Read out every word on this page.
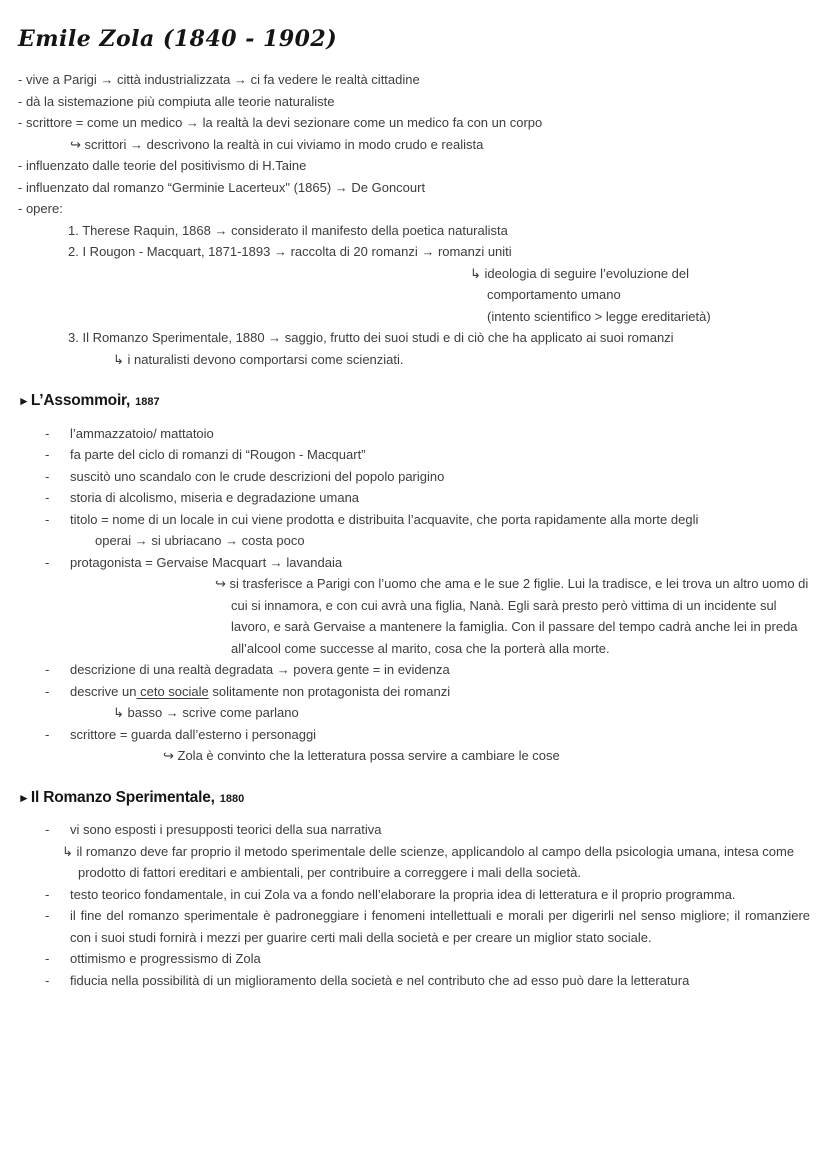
Emile Zola (1840 - 1902)
- vive a Parigi → città industrializzata → ci fa vedere le realtà cittadine
- dà la sistemazione più compiuta alle teorie naturaliste
- scrittore = come un medico → la realtà la devi sezionare come un medico fa con un corpo
↪ scrittori → descrivono la realtà in cui viviamo in modo crudo e realista
- influenzato dalle teorie del positivismo di H.Taine
- influenzato dal romanzo “Germinie Lacerteux" (1865) → De Goncourt
- opere:
1. Therese Raquin, 1868 → considerato il manifesto della poetica naturalista
2. I Rougon - Macquart, 1871-1893 → raccolta di 20 romanzi → romanzi uniti
↳ ideologia di seguire l’evoluzione del
comportamento umano
(intento scientifico > legge ereditarietà)
3. Il Romanzo Sperimentale, 1880 → saggio, frutto dei suoi studi e di ciò che ha applicato ai suoi romanzi
↳ i naturalisti devono comportarsi come scienziati.
►L’Assommoir, 1887
-	l’ammazzatoio/ mattatoio
-	fa parte del ciclo di romanzi di “Rougon - Macquart”
-	suscitò uno scandalo con le crude descrizioni del popolo parigino
-	storia di alcolismo, miseria e degradazione umana
-	titolo = nome di un locale in cui viene prodotta e distribuita l’acquavite, che porta rapidamente alla morte degli
operai → si ubriacano → costa poco
-	protagonista = Gervaise Macquart → lavandaia
↪ si trasferisce a Parigi con l’uomo che ama e le sue 2 figlie. Lui la tradisce, e lei trova un altro uomo di cui si innamora, e con cui avrà una figlia, Nanà. Egli sarà presto però vittima di un incidente sul lavoro, e sarà Gervaise a mantenere la famiglia. Con il passare del tempo cadrà anche lei in preda all’alcool come successe al marito, cosa che la porterà alla morte.
-	descrizione di una realtà degradata → povera gente = in evidenza
-	descrive un ceto sociale solitamente non protagonista dei romanzi
↳ basso → scrive come parlano
-	scrittore = guarda dall’esterno i personaggi
↪ Zola è convinto che la letteratura possa servire a cambiare le cose
►Il Romanzo Sperimentale, 1880
-	vi sono esposti i presupposti teorici della sua narrativa
↳ il romanzo deve far proprio il metodo sperimentale delle scienze, applicandolo al campo della psicologia umana, intesa come prodotto di fattori ereditari e ambientali, per contribuire a correggere i mali della società.
-	testo teorico fondamentale, in cui Zola va a fondo nell’elaborare la propria idea di letteratura e il proprio programma.
-	il fine del romanzo sperimentale è padroneggiare i fenomeni intellettuali e morali per digerirli nel senso migliore; il romanziere con i suoi studi fornirà i mezzi per guarire certi mali della società e per creare un miglior stato sociale.
-	ottimismo e progressismo di Zola
-	fiducia nella possibilità di un miglioramento della società e nel contributo che ad esso può dare la letteratura
